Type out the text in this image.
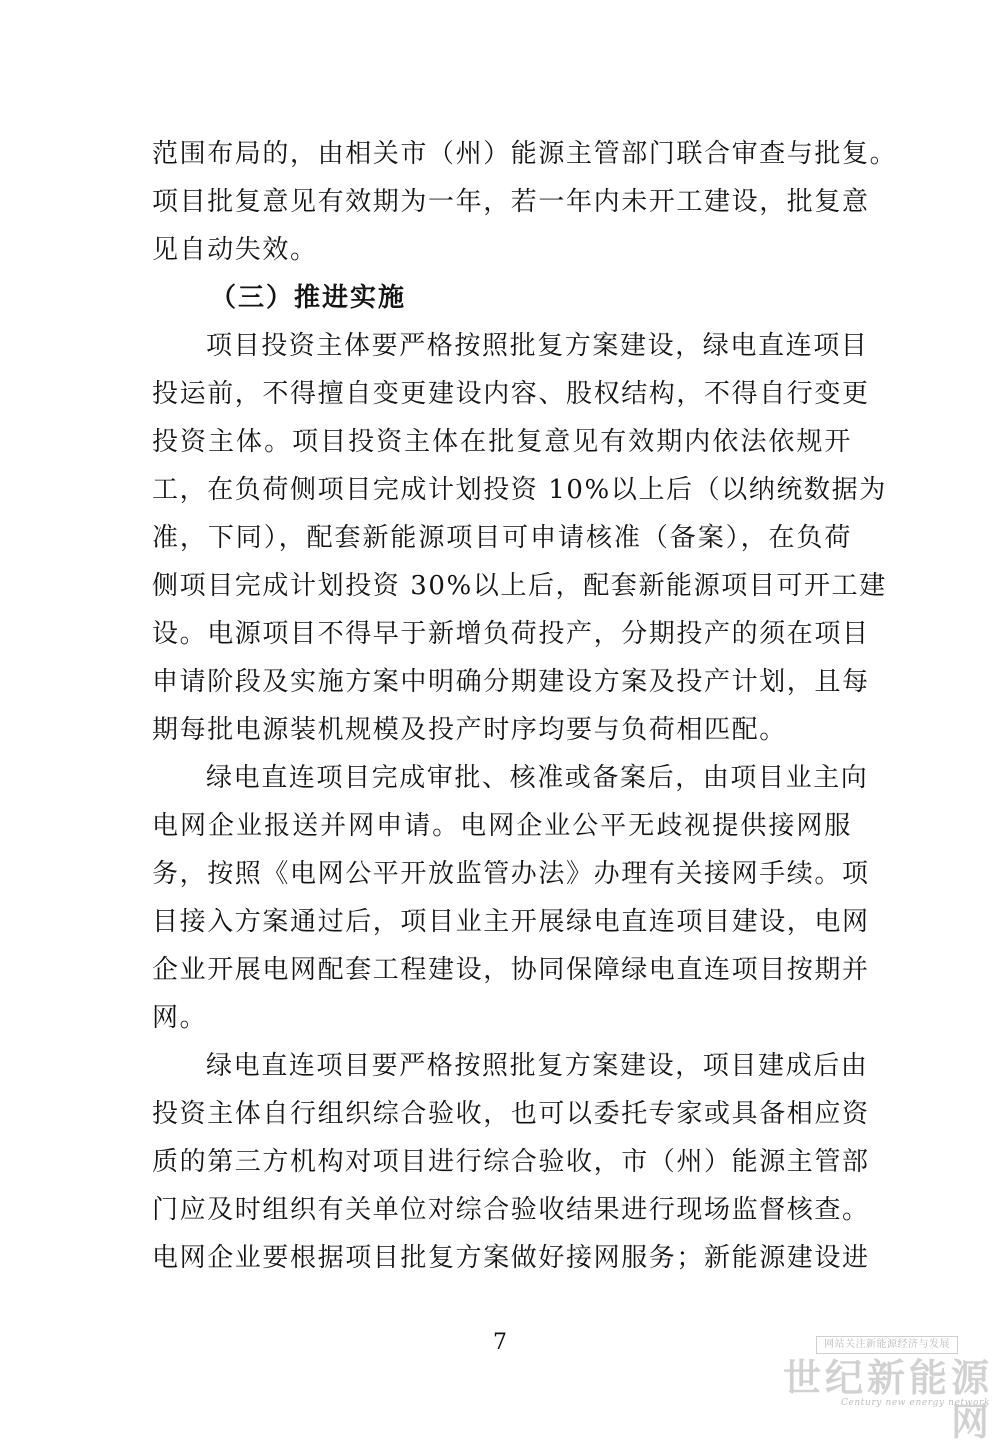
范围布局的，由相关市（州）能源主管部门联合审查与批复。
项目批复意见有效期为一年，若一年内未开工建设，批复意
见自动失效。
（三）推进实施
项目投资主体要严格按照批复方案建设，绿电直连项目
投运前，不得擅自变更建设内容、股权结构，不得自行变更
投资主体。项目投资主体在批复意见有效期内依法依规开
工，在负荷侧项目完成计划投资 10%以上后（以纳统数据为
准，下同），配套新能源项目可申请核准（备案），在负荷
侧项目完成计划投资 30%以上后，配套新能源项目可开工建
设。电源项目不得早于新增负荷投产，分期投产的须在项目
申请阶段及实施方案中明确分期建设方案及投产计划，且每
期每批电源装机规模及投产时序均要与负荷相匹配。
绿电直连项目完成审批、核准或备案后，由项目业主向
电网企业报送并网申请。电网企业公平无歧视提供接网服
务，按照《电网公平开放监管办法》办理有关接网手续。项
目接入方案通过后，项目业主开展绿电直连项目建设，电网
企业开展电网配套工程建设，协同保障绿电直连项目按期并
网。
绿电直连项目要严格按照批复方案建设，项目建成后由
投资主体自行组织综合验收，也可以委托专家或具备相应资
质的第三方机构对项目进行综合验收，市（州）能源主管部
门应及时组织有关单位对综合验收结果进行现场监督核查。
电网企业要根据项目批复方案做好接网服务；新能源建设进
7	网站关注新能源经济与发展
世纪新能源网
Century new energy network
